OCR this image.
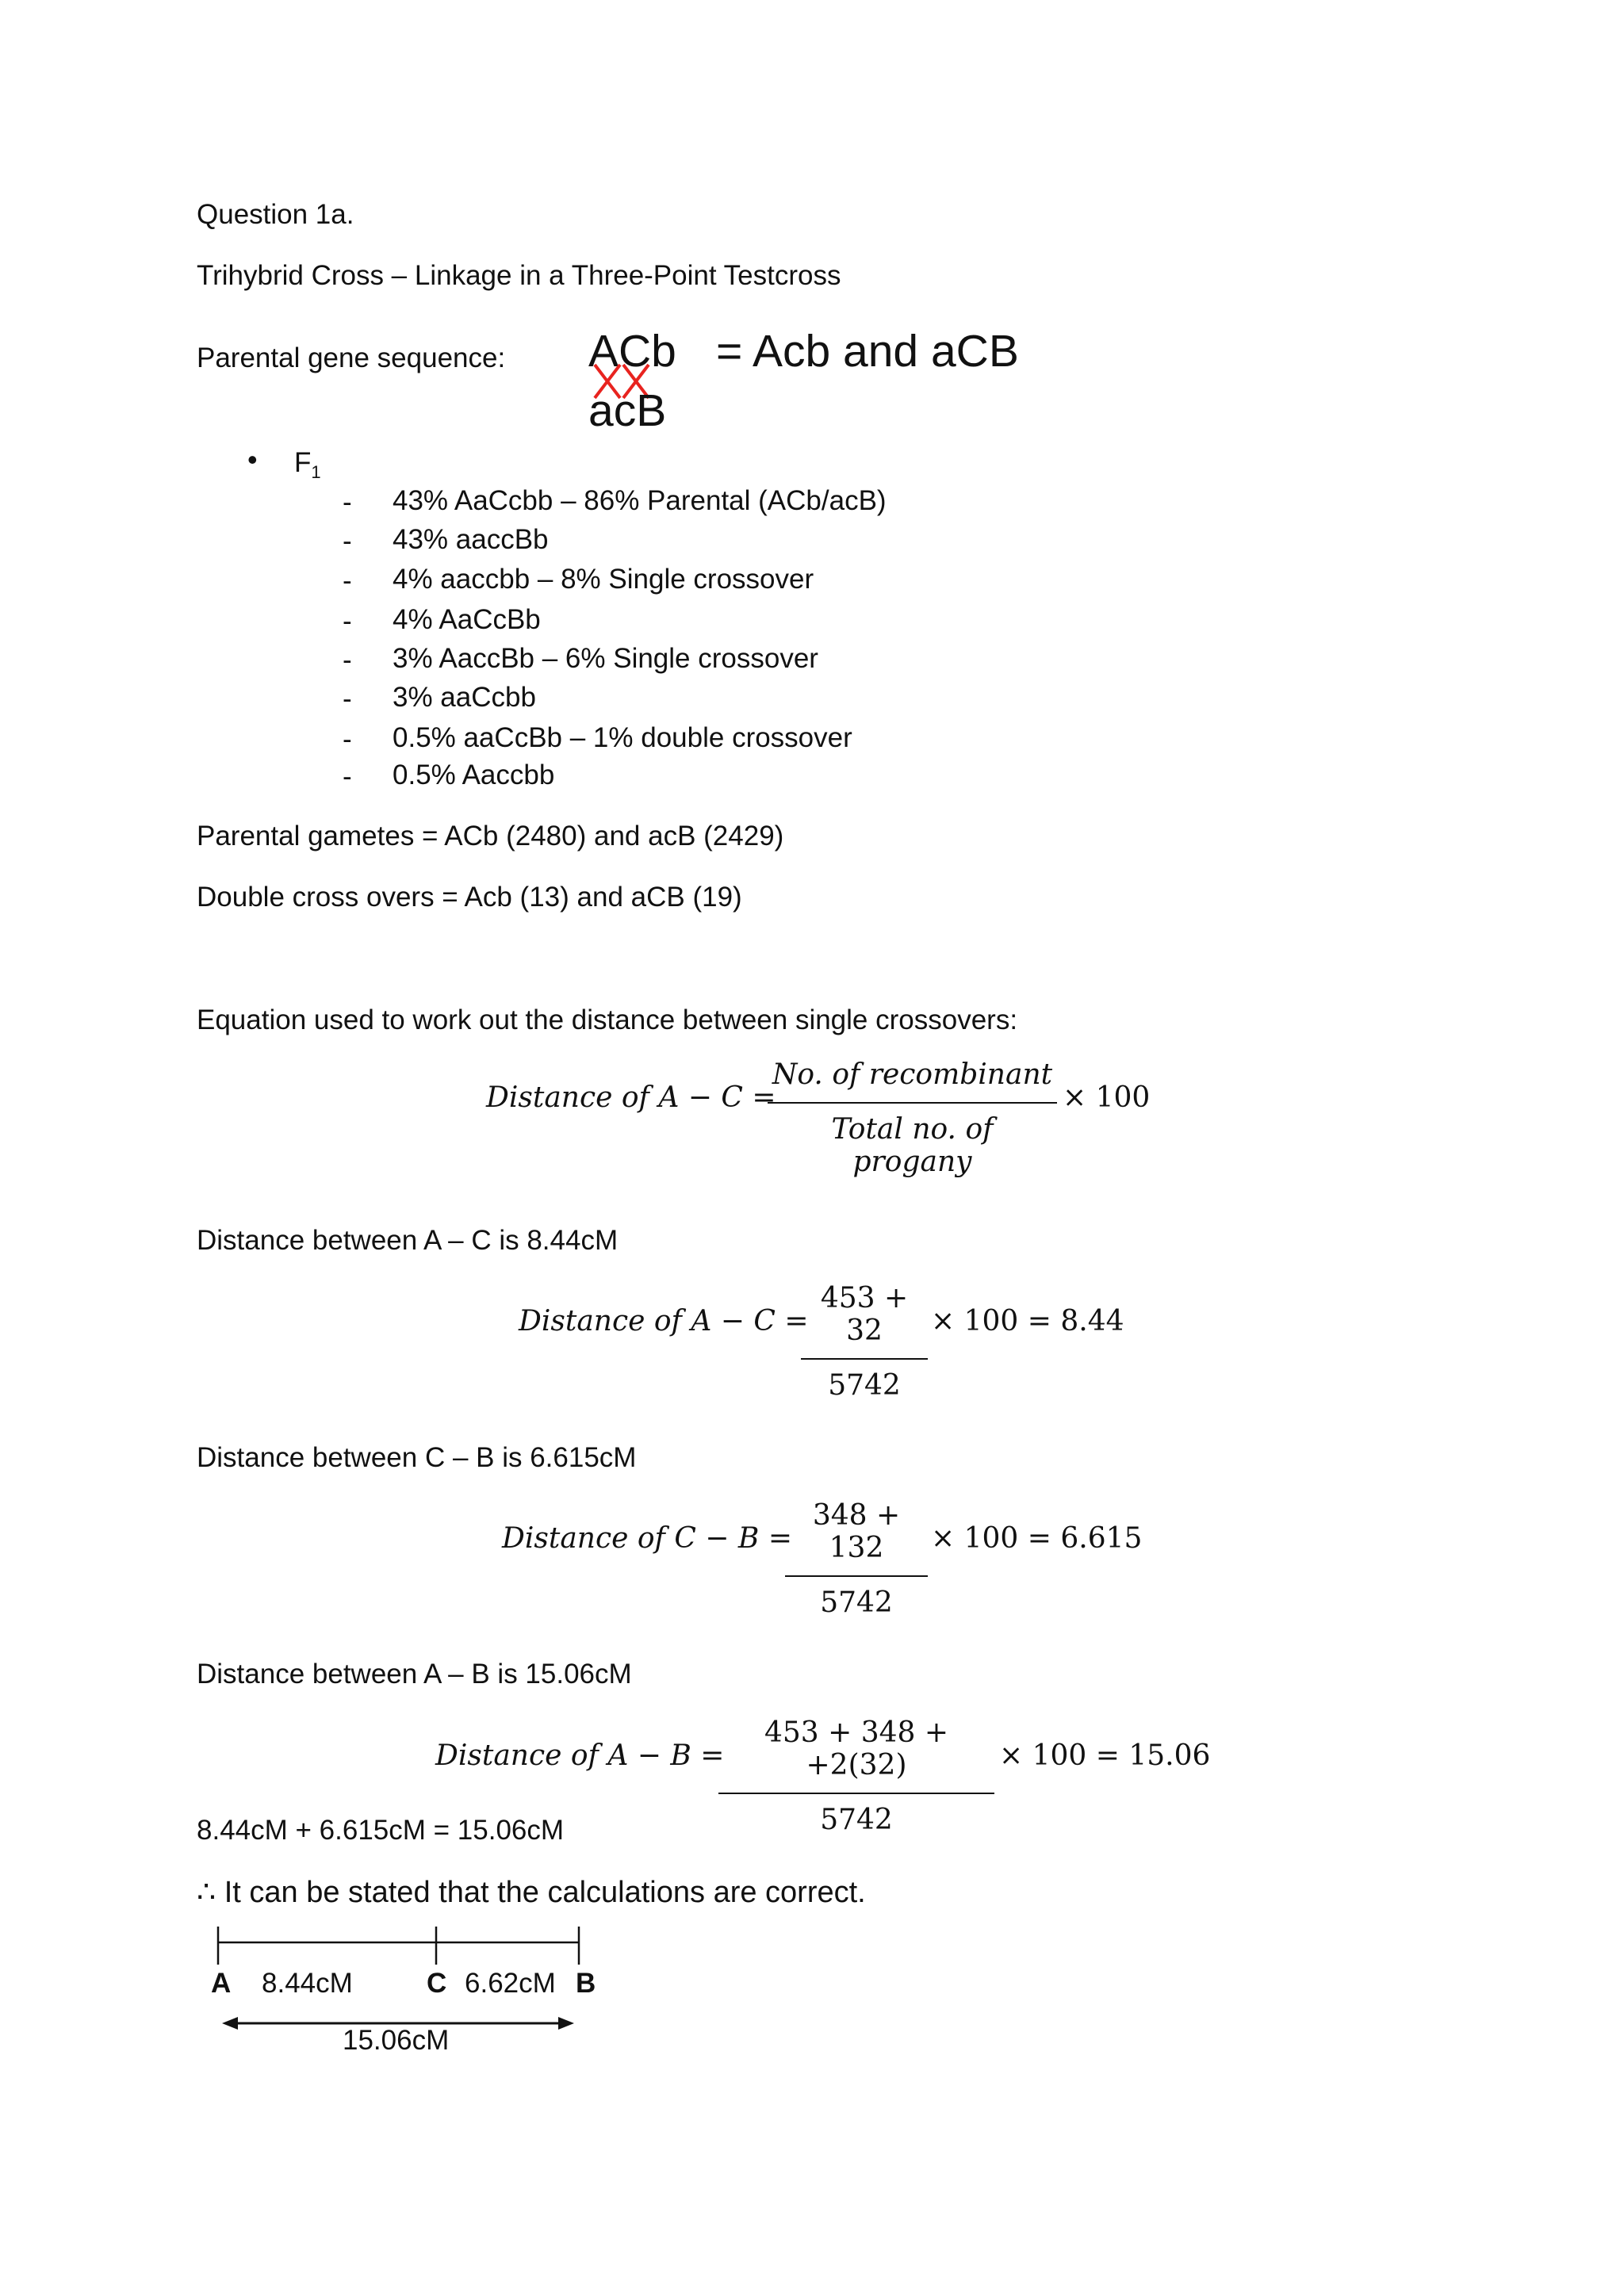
Question 1a.
Trihybrid Cross – Linkage in a Three-Point Testcross
Parental gene sequence: ACb = Acb and aCB
acB
• $F_1$
- 43% AaCcbb – 86% Parental (ACb/acB)
- 43% aaccBb
- 4% aaccbb – 8% Single crossover
- 4% AaCcBb
- 3% AaccBb – 6% Single crossover
- 3% aaCcbb
- 0.5% aaCcBb – 1% double crossover
- 0.5% Aaccbb
Parental gametes = ACb (2480) and acB (2429)
Double cross overs = Acb (13) and aCB (19)
Equation used to work out the distance between single crossovers:
Distance of A − C =
No. of recombinant
Total no. of progany
× 100
Distance between A – C is 8.44cM
Distance of A − C =
$\frac{453 + 32}{5742} \times 100 = 8.44$
Distance between C – B is 6.615cM
Distance of C − B =
$\frac{348 + 132}{5742} \times 100 = 6.615$
Distance between A – B is 15.06cM
Distance of A − B =
$\frac{453 + 348 + +2(32)}{5742} \times 100 = 15.06$
8.44cM + 6.615cM = 15.06cM
∴ It can be stated that the calculations are correct.
A 8.44cM	C 6.62cM B
15.06cM
